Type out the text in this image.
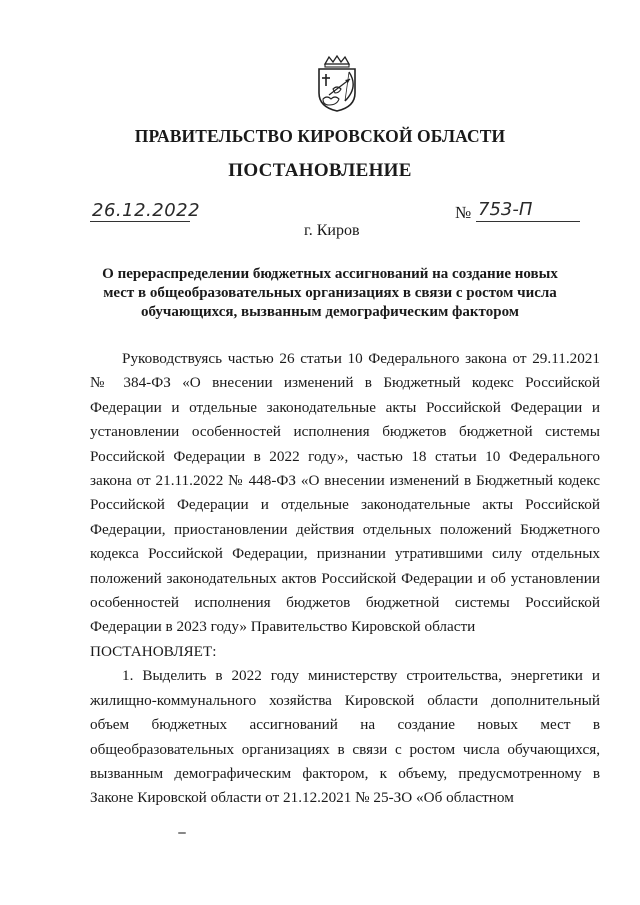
ПРАВИТЕЛЬСТВО КИРОВСКОЙ ОБЛАСТИ
ПОСТАНОВЛЕНИЕ
26.12.2022	№ 753-П
г. Киров
О перераспределении бюджетных ассигнований на создание новых мест в общеобразовательных организациях в связи с ростом числа обучающихся, вызванным демографическим фактором

Руководствуясь частью 26 статьи 10 Федерального закона от 29.11.2021 № 384-ФЗ «О внесении изменений в Бюджетный кодекс Российской Федерации и отдельные законодательные акты Российской Федерации и установлении особенностей исполнения бюджетов бюджетной системы Российской Федерации в 2022 году», частью 18 статьи 10 Федерального закона от 21.11.2022 № 448-ФЗ «О внесении изменений в Бюджетный кодекс Российской Федерации и отдельные законодательные акты Российской Федерации, приостановлении действия отдельных положений Бюджетного кодекса Российской Федерации, признании утратившими силу отдельных положений законодательных актов Российской Федерации и об установлении особенностей исполнения бюджетов бюджетной системы Российской Федерации в 2023 году» Правительство Кировской области

ПОСТАНОВЛЯЕТ:

1. Выделить в 2022 году министерству строительства, энергетики и жилищно-коммунального хозяйства Кировской области дополнительный объем бюджетных ассигнований на создание новых мест в общеобразовательных организациях в связи с ростом числа обучающихся, вызванным демографическим фактором, к объему, предусмотренному в Законе Кировской области от 21.12.2021 № 25-ЗО «Об областном
